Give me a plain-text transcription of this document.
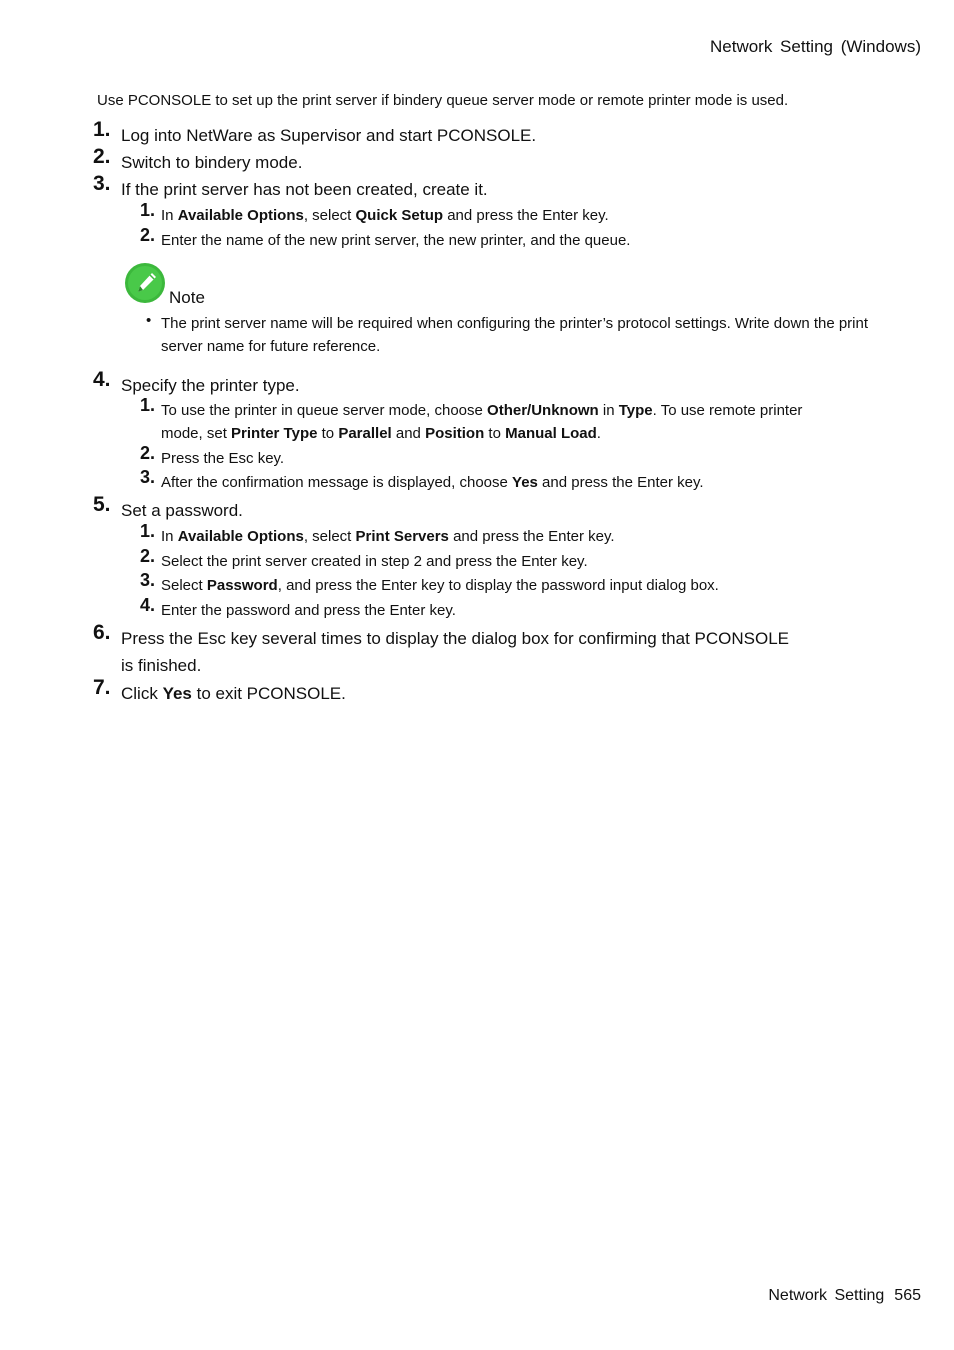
Network Setting (Windows)
Use PCONSOLE to set up the print server if bindery queue server mode or remote printer mode is used.
1. Log into NetWare as Supervisor and start PCONSOLE.
2. Switch to bindery mode.
3. If the print server has not been created, create it.
1. In Available Options, select Quick Setup and press the Enter key.
2. Enter the name of the new print server, the new printer, and the queue.
Note
• The print server name will be required when configuring the printer’s protocol settings. Write down the print server name for future reference.
4. Specify the printer type.
1. To use the printer in queue server mode, choose Other/Unknown in Type. To use remote printer
mode, set Printer Type to Parallel and Position to Manual Load.
2. Press the Esc key.
3. After the confirmation message is displayed, choose Yes and press the Enter key.
5. Set a password.
1. In Available Options, select Print Servers and press the Enter key.
2. Select the print server created in step 2 and press the Enter key.
3. Select Password, and press the Enter key to display the password input dialog box.
4. Enter the password and press the Enter key.
6. Press the Esc key several times to display the dialog box for confirming that PCONSOLE
is finished.
7. Click Yes to exit PCONSOLE.
Network Setting 565
